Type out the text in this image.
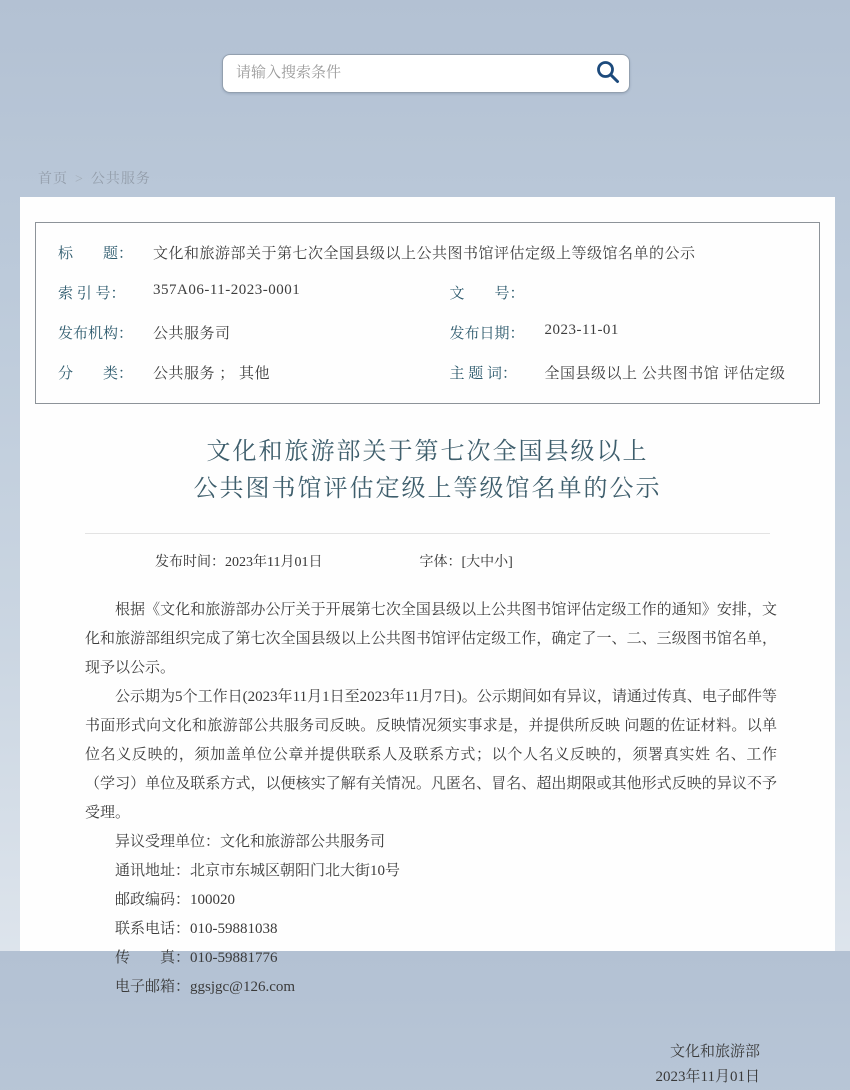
请输入搜索条件
首页 > 公共服务
标　　题：	文化和旅游部关于第七次全国县级以上公共图书馆评估定级上等级馆名单的公示
索 引 号：	357A06-11-2023-0001	文　　号：
发布机构：	公共服务司	发布日期：	2023-11-01
分　　类：	公共服务 ； 其他	主 题 词：	全国县级以上 公共图书馆 评估定级
文化和旅游部关于第七次全国县级以上
公共图书馆评估定级上等级馆名单的公示
发布时间：2023年11月01日	字体：[大中小]

根据《文化和旅游部办公厅关于开展第七次全国县级以上公共图书馆评估定级工作的通知》安排，文化和旅游部组织完成了第七次全国县级以上公共图书馆评估定级工作，确定了一、二、三级图书馆名单，现予以公示。

公示期为5个工作日(2023年11月1日至2023年11月7日)。公示期间如有异议，请通过传真、电子邮件等书面形式向文化和旅游部公共服务司反映。反映情况须实事求是，并提供所反映 问题的佐证材料。以单位名义反映的，须加盖单位公章并提供联系人及联系方式；以个人名义反映的，须署真实姓 名、工作（学习）单位及联系方式，以便核实了解有关情况。凡匿名、冒名、超出期限或其他形式反映的异议不予受理。

异议受理单位：文化和旅游部公共服务司

通讯地址：北京市东城区朝阳门北大街10号

邮政编码：100020

联系电话：010-59881038

传　　真：010-59881776

电子邮箱：ggsjgc@126.com

文化和旅游部
2023年11月01日
